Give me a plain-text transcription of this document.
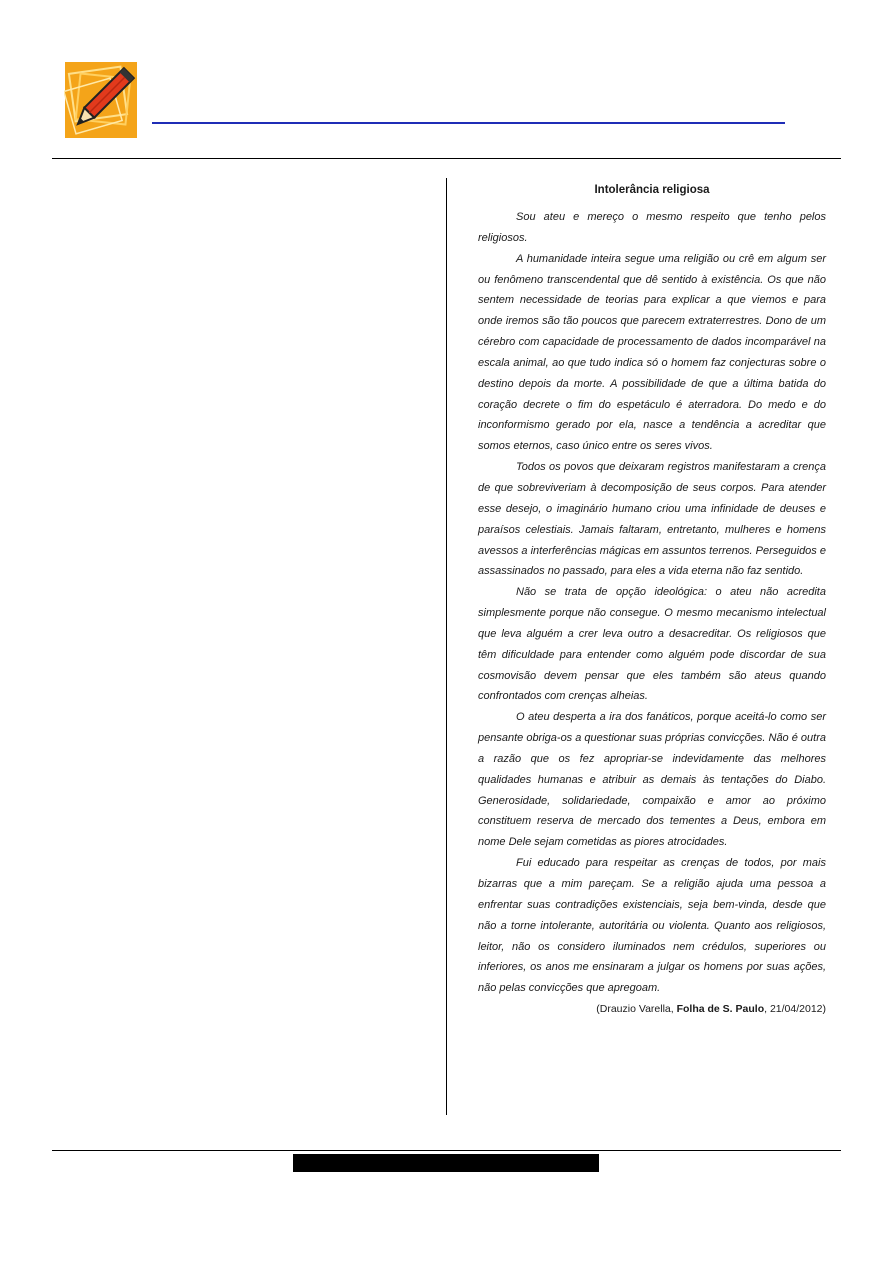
Intolerância religiosa

Sou ateu e mereço o mesmo respeito que tenho pelos religiosos.

A humanidade inteira segue uma religião ou crê em algum ser ou fenômeno transcendental que dê sentido à existência. Os que não sentem necessidade de teorias para explicar a que viemos e para onde iremos são tão poucos que parecem extraterrestres. Dono de um cérebro com capacidade de processamento de dados incomparável na escala animal, ao que tudo indica só o homem faz conjecturas sobre o destino depois da morte. A possibilidade de que a última batida do coração decrete o fim do espetáculo é aterradora. Do medo e do inconformismo gerado por ela, nasce a tendência a acreditar que somos eternos, caso único entre os seres vivos.

Todos os povos que deixaram registros manifestaram a crença de que sobreviveriam à decomposição de seus corpos. Para atender esse desejo, o imaginário humano criou uma infinidade de deuses e paraísos celestiais. Jamais faltaram, entretanto, mulheres e homens avessos a interferências mágicas em assuntos terrenos. Perseguidos e assassinados no passado, para eles a vida eterna não faz sentido.

Não se trata de opção ideológica: o ateu não acredita simplesmente porque não consegue. O mesmo mecanismo intelectual que leva alguém a crer leva outro a desacreditar. Os religiosos que têm dificuldade para entender como alguém pode discordar de sua cosmovisão devem pensar que eles também são ateus quando confrontados com crenças alheias.

O ateu desperta a ira dos fanáticos, porque aceitá-lo como ser pensante obriga-os a questionar suas próprias convicções. Não é outra a razão que os fez apropriar-se indevidamente das melhores qualidades humanas e atribuir as demais às tentações do Diabo. Generosidade, solidariedade, compaixão e amor ao próximo constituem reserva de mercado dos tementes a Deus, embora em nome Dele sejam cometidas as piores atrocidades.

Fui educado para respeitar as crenças de todos, por mais bizarras que a mim pareçam. Se a religião ajuda uma pessoa a enfrentar suas contradições existenciais, seja bem-vinda, desde que não a torne intolerante, autoritária ou violenta. Quanto aos religiosos, leitor, não os considero iluminados nem crédulos, superiores ou inferiores, os anos me ensinaram a julgar os homens por suas ações, não pelas convicções que apregoam.

(Drauzio Varella, Folha de S. Paulo, 21/04/2012)
